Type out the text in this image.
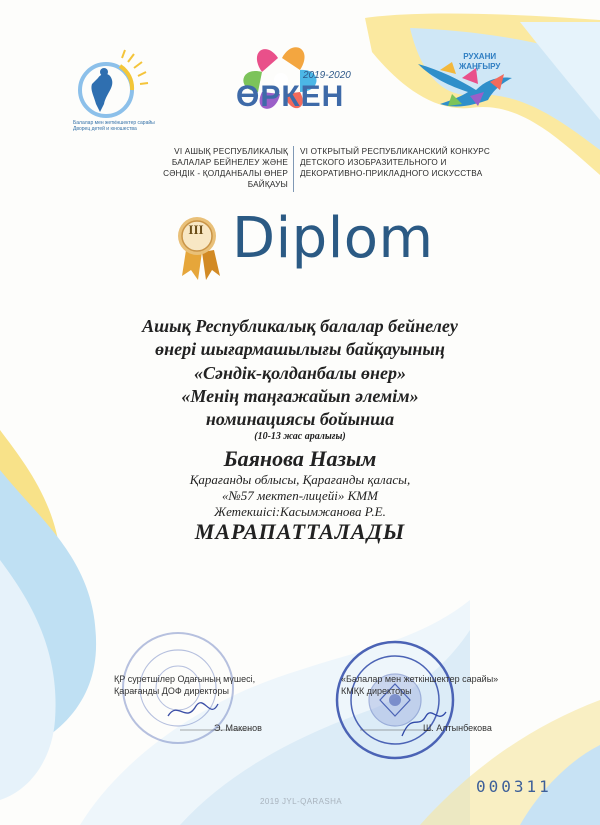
Балалар мен жеткіншектер сарайы
Дворец детей и юношества
2019-2020
ӨРКЕН
РУХАНИ
ЖАҢҒЫРУ
VI АШЫҚ РЕСПУБЛИКАЛЫҚ БАЛАЛАР БЕЙНЕЛЕУ ЖӘНЕ СӘНДІК - ҚОЛДАНБАЛЫ ӨНЕР БАЙҚАУЫ
VI ОТКРЫТЫЙ РЕСПУБЛИКАНСКИЙ КОНКУРС ДЕТСКОГО ИЗОБРАЗИТЕЛЬНОГО И ДЕКОРАТИВНО-ПРИКЛАДНОГО ИСКУССТВА
III Diplom
Ашық Республикалық балалар бейнелеу
өнері шығармашылығы байқауының
«Сәндік-қолданбалы өнер»
«Менің таңғажайып әлемім»
номинациясы бойынша
(10-13 жас аралығы)
Баянова Назым
Қарағанды облысы, Қарағанды қаласы,
«№57 мектеп-лицейі» КММ
Жетекшісі:Касымжанова Р.Е.
МАРАПАТТАЛАДЫ
ҚР суретшілер Одағының мүшесі,
Қарағанды ДОФ директоры
Э. Макенов
«Балалар мен жеткіншектер сарайы»
КМҚК директоры
Ш. Алтынбекова
000311
2019 JYL-QARASHA
